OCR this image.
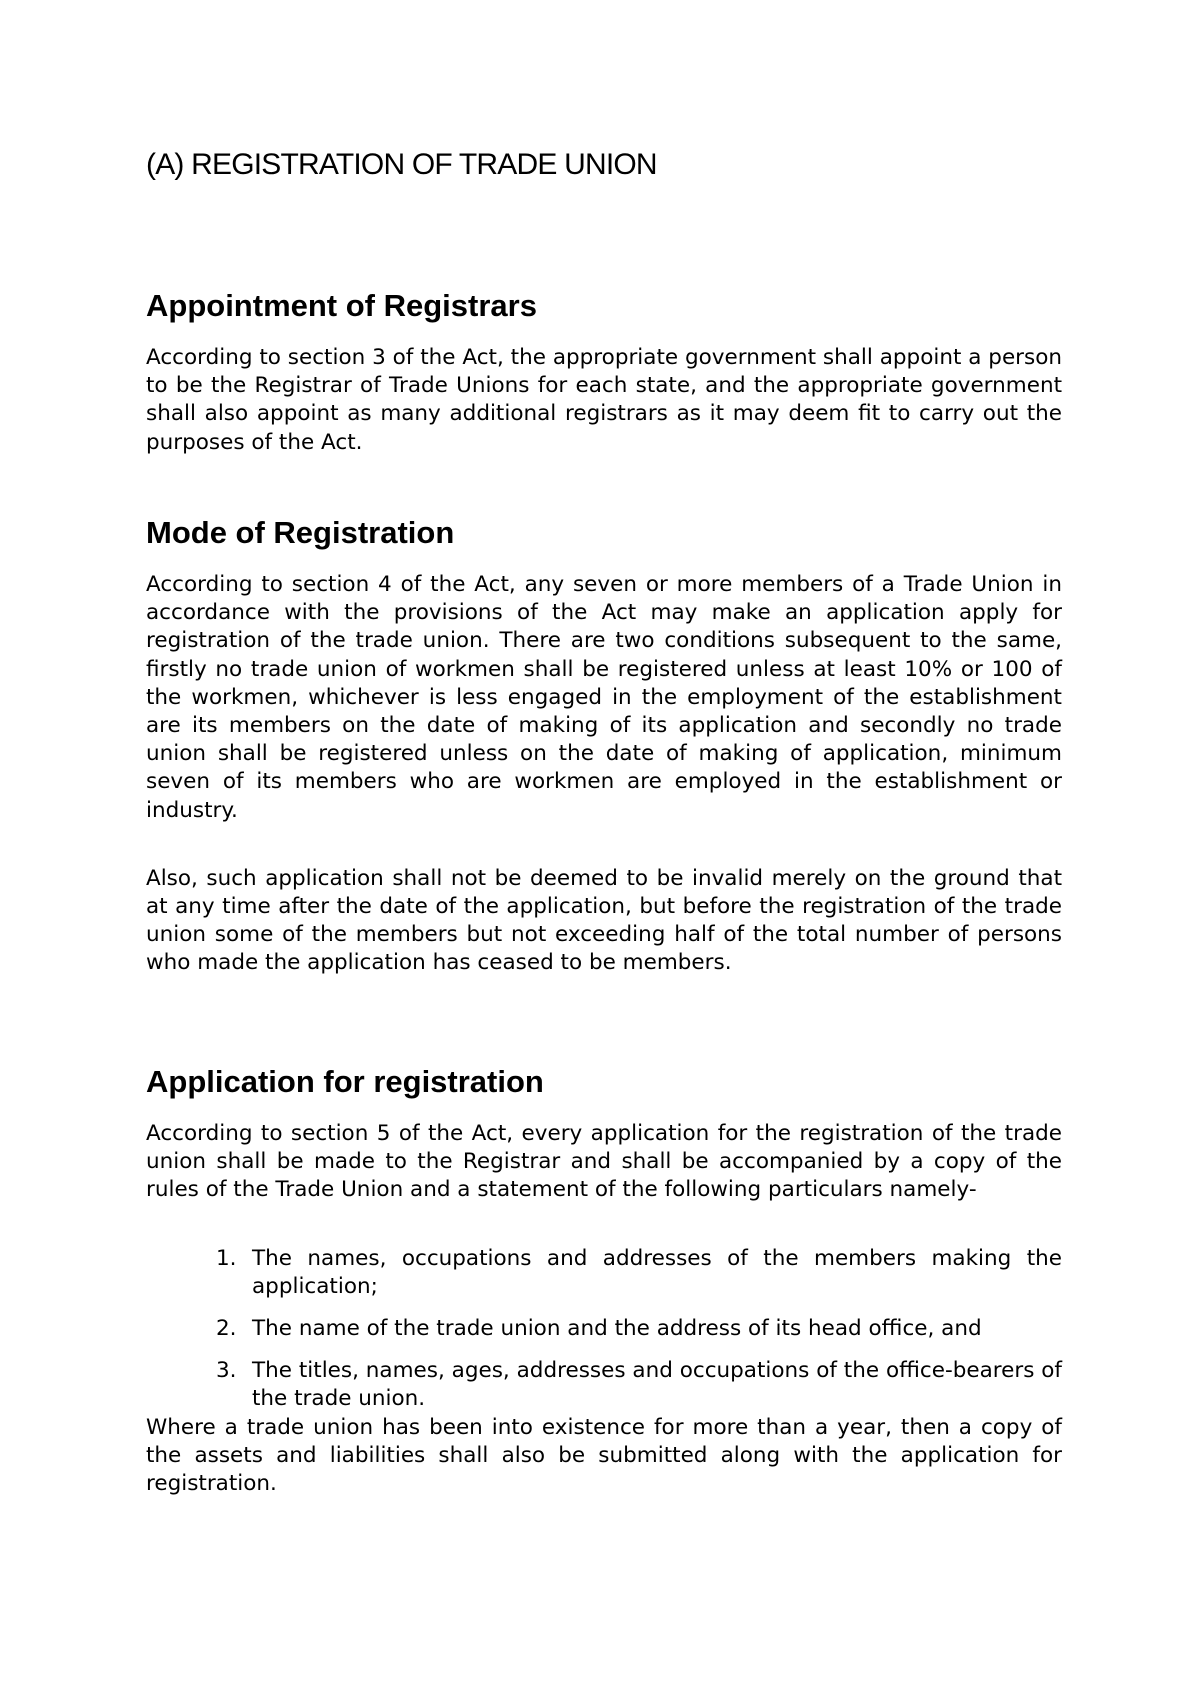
(A) REGISTRATION OF TRADE UNION
Appointment of Registrars

According to section 3 of the Act, the appropriate government shall appoint a person to be the Registrar of Trade Unions for each state, and the appropriate government shall also appoint as many additional registrars as it may deem fit to carry out the purposes of the Act.

Mode of Registration

According to section 4 of the Act, any seven or more members of a Trade Union in accordance with the provisions of the Act may make an application apply for registration of the trade union. There are two conditions subsequent to the same, firstly no trade union of workmen shall be registered unless at least 10% or 100 of the workmen, whichever is less engaged in the employment of the establishment are its members on the date of making of its application and secondly no trade union shall be registered unless on the date of making of application, minimum seven of its members who are workmen are employed in the establishment or industry.

Also, such application shall not be deemed to be invalid merely on the ground that at any time after the date of the application, but before the registration of the trade union some of the members but not exceeding half of the total number of persons who made the application has ceased to be members.

Application for registration

According to section 5 of the Act, every application for the registration of the trade union shall be made to the Registrar and shall be accompanied by a copy of the rules of the Trade Union and a statement of the following particulars namely-

1. The names, occupations and addresses of the members making the application;
2. The name of the trade union and the address of its head office, and
3. The titles, names, ages, addresses and occupations of the office-bearers of the trade union.

Where a trade union has been into existence for more than a year, then a copy of the assets and liabilities shall also be submitted along with the application for registration.
